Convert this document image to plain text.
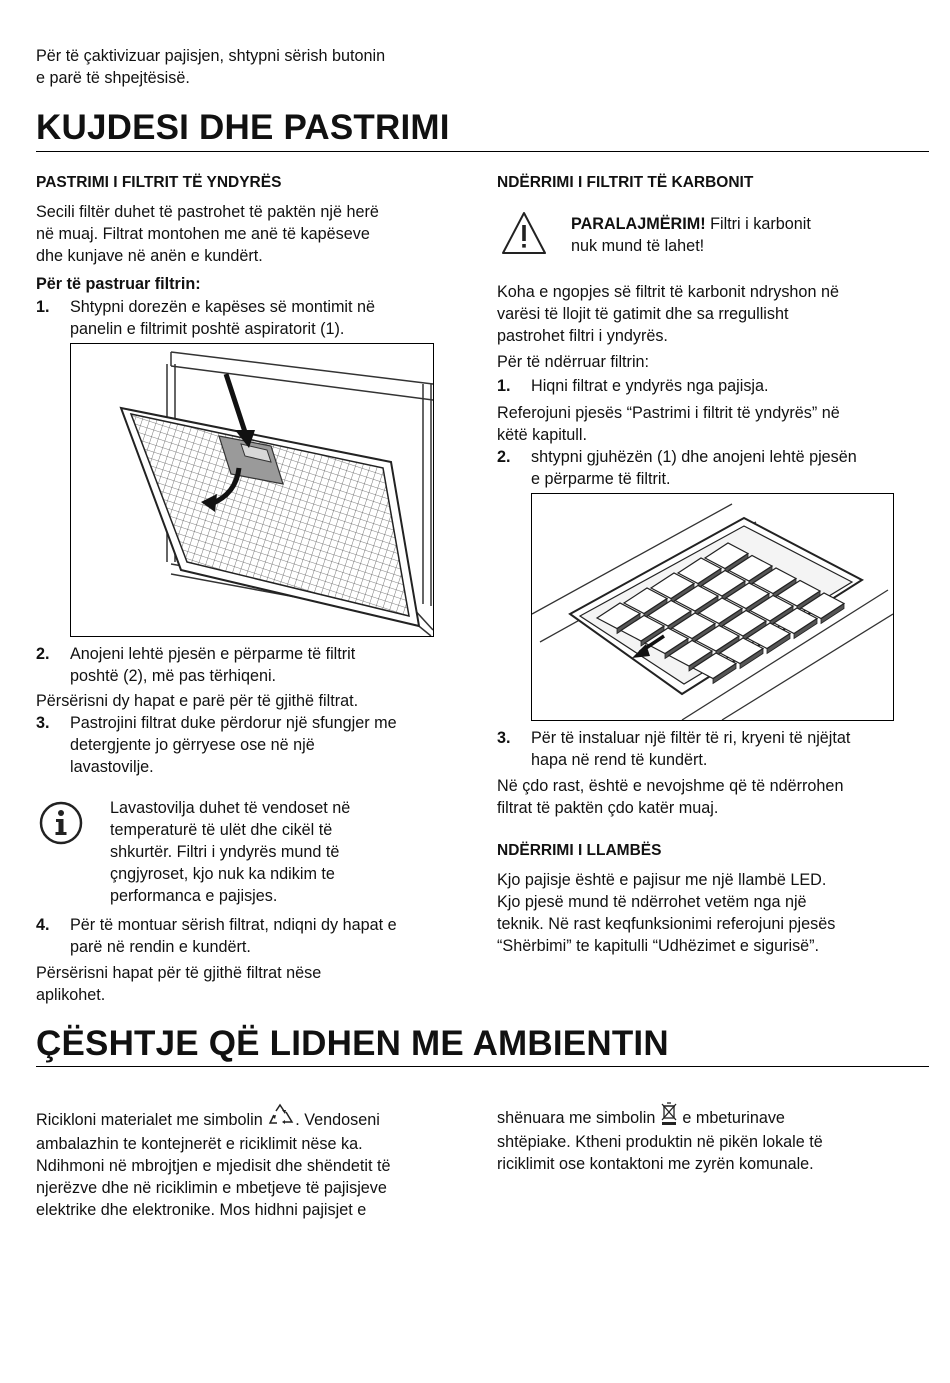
Për të çaktivizuar pajisjen, shtypni sërish butonin
e parë të shpejtësisë.
KUJDESI DHE PASTRIMI
PASTRIMI I FILTRIT TË YNDYRËS
Secili filtër duhet të pastrohet të paktën një herë
në muaj. Filtrat montohen me anë të kapëseve
dhe kunjave në anën e kundërt.
Për të pastruar filtrin:
1. Shtypni dorezën e kapëses së montimit në
panelin e filtrimit poshtë aspiratorit (1).
2. Anojeni lehtë pjesën e përparme të filtrit
poshtë (2), më pas tërhiqeni.
Përsërisni dy hapat e parë për të gjithë filtrat.
3. Pastrojini filtrat duke përdorur një sfungjer me
detergjente jo gërryese ose në një
lavastovilje.
Lavastovilja duhet të vendoset në
temperaturë të ulët dhe cikël të
shkurtër. Filtri i yndyrës mund të
çngjyroset, kjo nuk ka ndikim te
performanca e pajisjes.
4. Për të montuar sërish filtrat, ndiqni dy hapat e
parë në rendin e kundërt.
Përsërisni hapat për të gjithë filtrat nëse
aplikohet.
NDËRRIMI I FILTRIT TË KARBONIT
PARALAJMËRIM! Filtri i karbonit
nuk mund të lahet!
Koha e ngopjes së filtrit të karbonit ndryshon në
varësi të llojit të gatimit dhe sa rregullisht
pastrohet filtri i yndyrës.
Për të ndërruar filtrin:
1. Hiqni filtrat e yndyrës nga pajisja.
Referojuni pjesës “Pastrimi i filtrit të yndyrës” në
këtë kapitull.
2. shtypni gjuhëzën (1) dhe anojeni lehtë pjesën
e përparme të filtrit.
3. Për të instaluar një filtër të ri, kryeni të njëjtat
hapa në rend të kundërt.
Në çdo rast, është e nevojshme që të ndërrohen
filtrat të paktën çdo katër muaj.
NDËRRIMI I LLAMBËS
Kjo pajisje është e pajisur me një llambë LED.
Kjo pjesë mund të ndërrohet vetëm nga një
teknik. Në rast keqfunksionimi referojuni pjesës
“Shërbimi” te kapitulli “Udhëzimet e sigurisë”.
ÇËSHTJE QË LIDHEN ME AMBIENTIN
Ricikloni materialet me simbolin . Vendoseni
ambalazhin te kontejnerët e riciklimit nëse ka.
Ndihmoni në mbrojtjen e mjedisit dhe shëndetit të
njerëzve dhe në riciklimin e mbetjeve të pajisjeve
elektrike dhe elektronike. Mos hidhni pajisjet e
shënuara me simbolin e mbeturinave
shtëpiake. Ktheni produktin në pikën lokale të
riciklimit ose kontaktoni me zyrën komunale.
